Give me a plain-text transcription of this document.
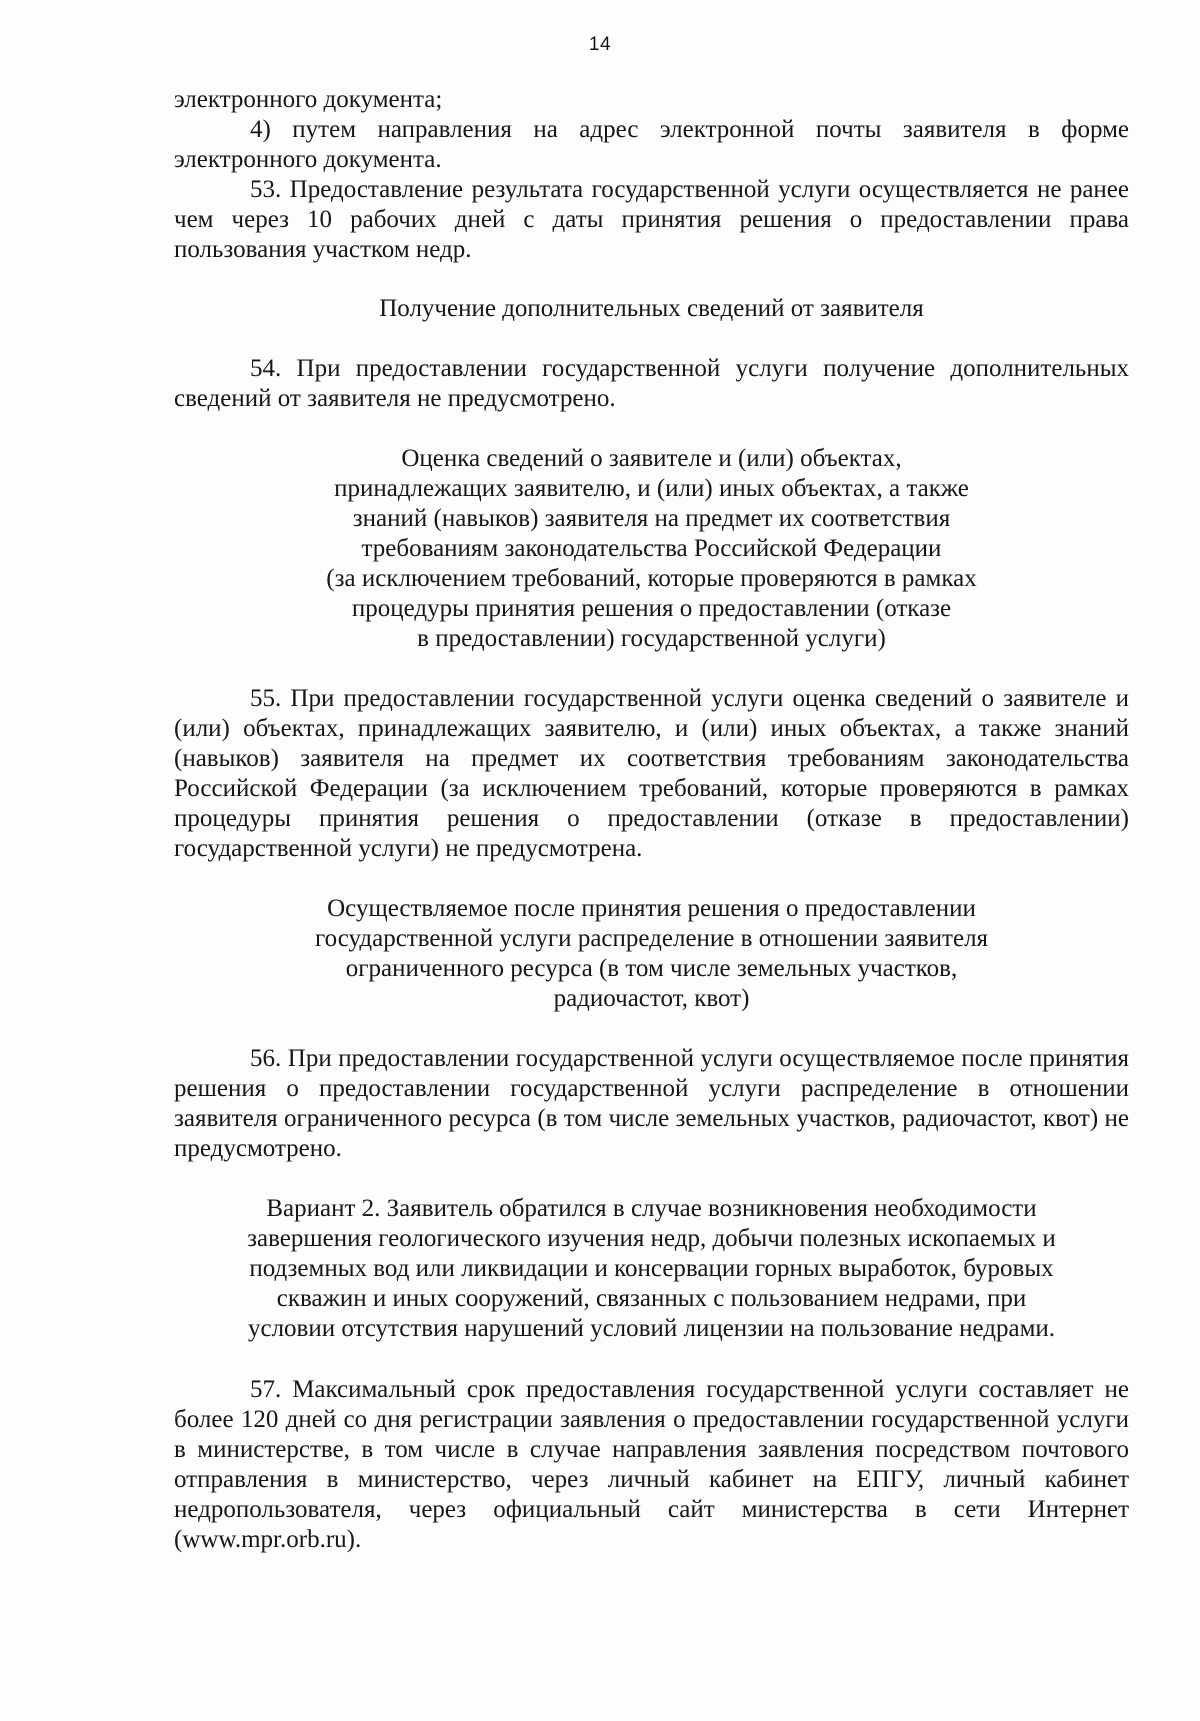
14

электронного документа;

4) путем направления на адрес электронной почты заявителя в форме электронного документа.

53. Предоставление результата государственной услуги осуществляется не ранее чем через 10 рабочих дней с даты принятия решения о предоставлении права пользования участком недр.

Получение дополнительных сведений от заявителя

54. При предоставлении государственной услуги получение дополнительных сведений от заявителя не предусмотрено.

Оценка сведений о заявителе и (или) объектах,
принадлежащих заявителю, и (или) иных объектах, а также
знаний (навыков) заявителя на предмет их соответствия
требованиям законодательства Российской Федерации
(за исключением требований, которые проверяются в рамках
процедуры принятия решения о предоставлении (отказе
в предоставлении) государственной услуги)

55. При предоставлении государственной услуги оценка сведений о заявителе и (или) объектах, принадлежащих заявителю, и (или) иных объектах, а также знаний (навыков) заявителя на предмет их соответствия требованиям законодательства Российской Федерации (за исключением требований, которые проверяются в рамках процедуры принятия решения о предоставлении (отказе в предоставлении) государственной услуги) не предусмотрена.

Осуществляемое после принятия решения о предоставлении
государственной услуги распределение в отношении заявителя
ограниченного ресурса (в том числе земельных участков,
радиочастот, квот)

56. При предоставлении государственной услуги осуществляемое после принятия решения о предоставлении государственной услуги распределение в отношении заявителя ограниченного ресурса (в том числе земельных участков, радиочастот, квот) не предусмотрено.

Вариант 2. Заявитель обратился в случае возникновения необходимости
завершения геологического изучения недр, добычи полезных ископаемых и
подземных вод или ликвидации и консервации горных выработок, буровых
скважин и иных сооружений, связанных с пользованием недрами, при
условии отсутствия нарушений условий лицензии на пользование недрами.

57. Максимальный срок предоставления государственной услуги составляет не более 120 дней со дня регистрации заявления о предоставлении государственной услуги в министерстве, в том числе в случае направления заявления посредством почтового отправления в министерство, через личный кабинет на ЕПГУ, личный кабинет недропользователя, через официальный сайт министерства в сети Интернет (www.mpr.orb.ru).
